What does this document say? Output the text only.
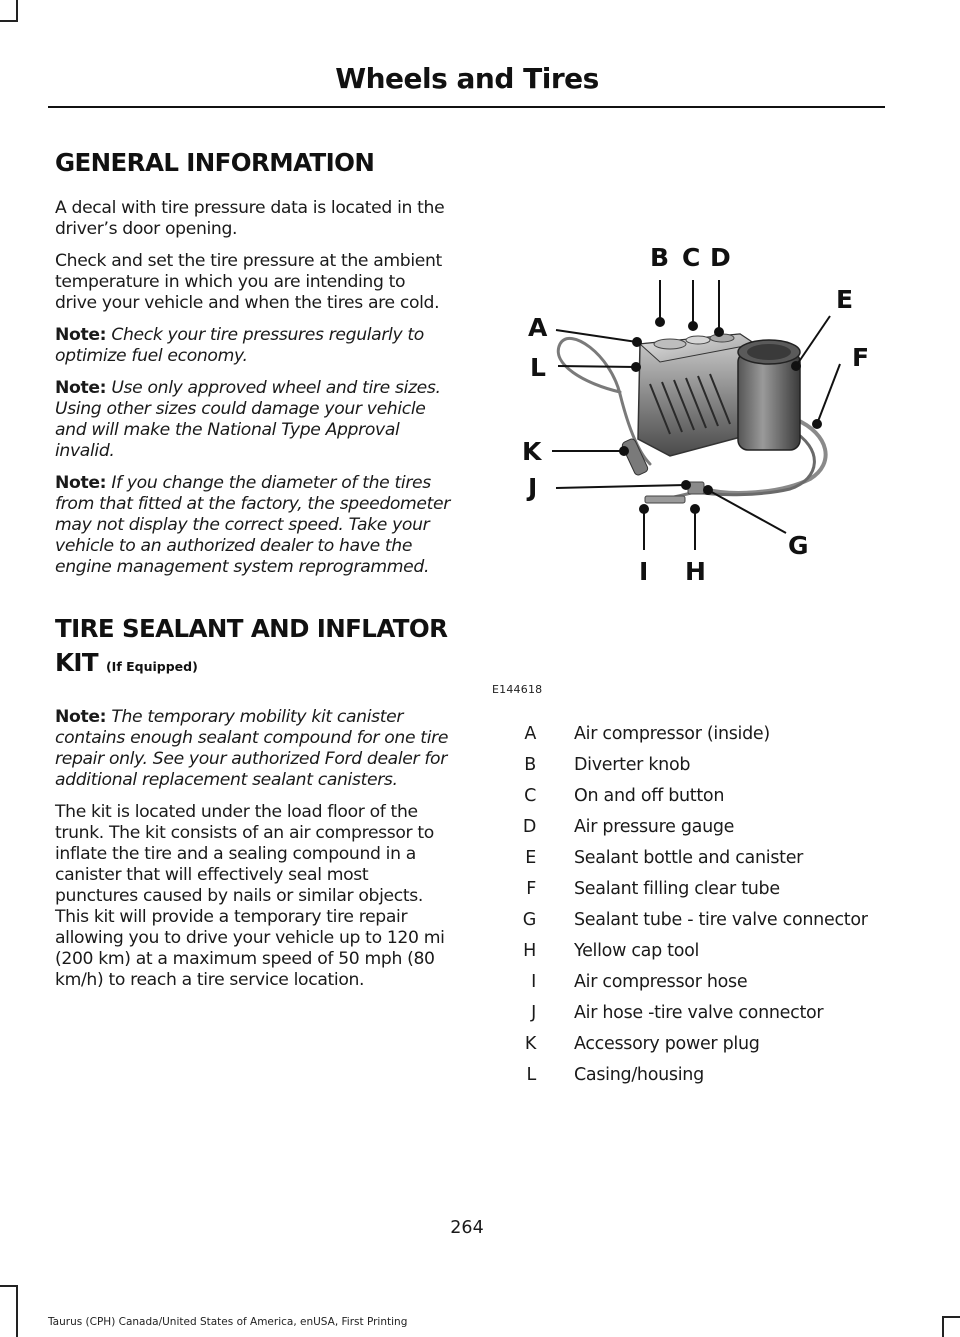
Wheels and Tires
GENERAL INFORMATION

A decal with tire pressure data is located in the driver’s door opening.

Check and set the tire pressure at the ambient temperature in which you are intending to drive your vehicle and when the tires are cold.

Note: Check your tire pressures regularly to optimize fuel economy.

Note: Use only approved wheel and tire sizes. Using other sizes could damage your vehicle and will make the National Type Approval invalid.

Note: If you change the diameter of the tires from that fitted at the factory, the speedometer may not display the correct speed. Take your vehicle to an authorized dealer to have the engine management system reprogrammed.

TIRE SEALANT AND INFLATOR KIT (If Equipped)

Note: The temporary mobility kit canister contains enough sealant compound for one tire repair only. See your authorized Ford dealer for additional replacement sealant canisters.

The kit is located under the load floor of the trunk. The kit consists of an air compressor to inflate the tire and a sealing compound in a canister that will effectively seal most punctures caused by nails or similar objects. This kit will provide a temporary tire repair allowing you to drive your vehicle up to 120 mi (200 km) at a maximum speed of 50 mph (80 km/h) to reach a tire service location.

A
B C D
E
F
G
H
I
J
K
L
E144618
A Air compressor (inside)
B Diverter knob
C On and off button
D Air pressure gauge
E Sealant bottle and canister
F Sealant filling clear tube
G Sealant tube - tire valve connector
H Yellow cap tool
I Air compressor hose
J Air hose -tire valve connector
K Accessory power plug
L Casing/housing
264
Taurus (CPH) Canada/United States of America, enUSA, First Printing
